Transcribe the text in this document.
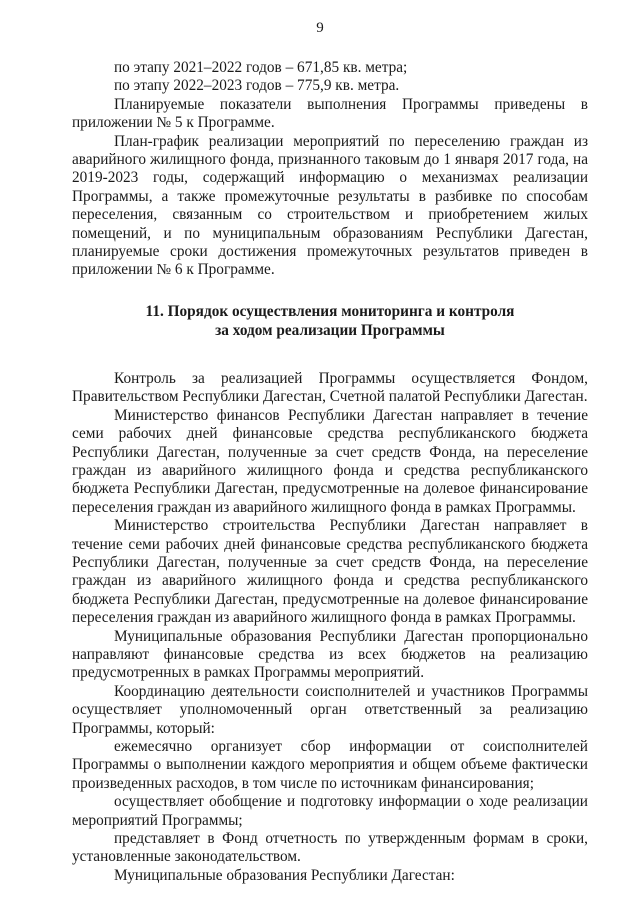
9

по этапу 2021–2022 годов – 671,85 кв. метра;

по этапу 2022–2023 годов – 775,9 кв. метра.

Планируемые показатели выполнения Программы приведены в приложении № 5 к Программе.

План-график реализации мероприятий по переселению граждан из аварийного жилищного фонда, признанного таковым до 1 января 2017 года, на 2019-2023 годы, содержащий информацию о механизмах реализации Программы, а также промежуточные результаты в разбивке по способам переселения, связанным со строительством и приобретением жилых помещений, и по муниципальным образованиям Республики Дагестан, планируемые сроки достижения промежуточных результатов приведен в приложении № 6 к Программе.

11. Порядок осуществления мониторинга и контроля
за ходом реализации Программы

Контроль за реализацией Программы осуществляется Фондом, Правительством Республики Дагестан, Счетной палатой Республики Дагестан.

Министерство финансов Республики Дагестан направляет в течение семи рабочих дней финансовые средства республиканского бюджета Республики Дагестан, полученные за счет средств Фонда, на переселение граждан из аварийного жилищного фонда и средства республиканского бюджета Республики Дагестан, предусмотренные на долевое финансирование переселения граждан из аварийного жилищного фонда в рамках Программы.

Министерство строительства Республики Дагестан направляет в течение семи рабочих дней финансовые средства республиканского бюджета Республики Дагестан, полученные за счет средств Фонда, на переселение граждан из аварийного жилищного фонда и средства республиканского бюджета Республики Дагестан, предусмотренные на долевое финансирование переселения граждан из аварийного жилищного фонда в рамках Программы.

Муниципальные образования Республики Дагестан пропорционально направляют финансовые средства из всех бюджетов на реализацию предусмотренных в рамках Программы мероприятий.

Координацию деятельности соисполнителей и участников Программы осуществляет уполномоченный орган ответственный за реализацию Программы, который:

ежемесячно организует сбор информации от соисполнителей Программы о выполнении каждого мероприятия и общем объеме фактически произведенных расходов, в том числе по источникам финансирования;

осуществляет обобщение и подготовку информации о ходе реализации мероприятий Программы;

представляет в Фонд отчетность по утвержденным формам в сроки, установленные законодательством.

Муниципальные образования Республики Дагестан:
